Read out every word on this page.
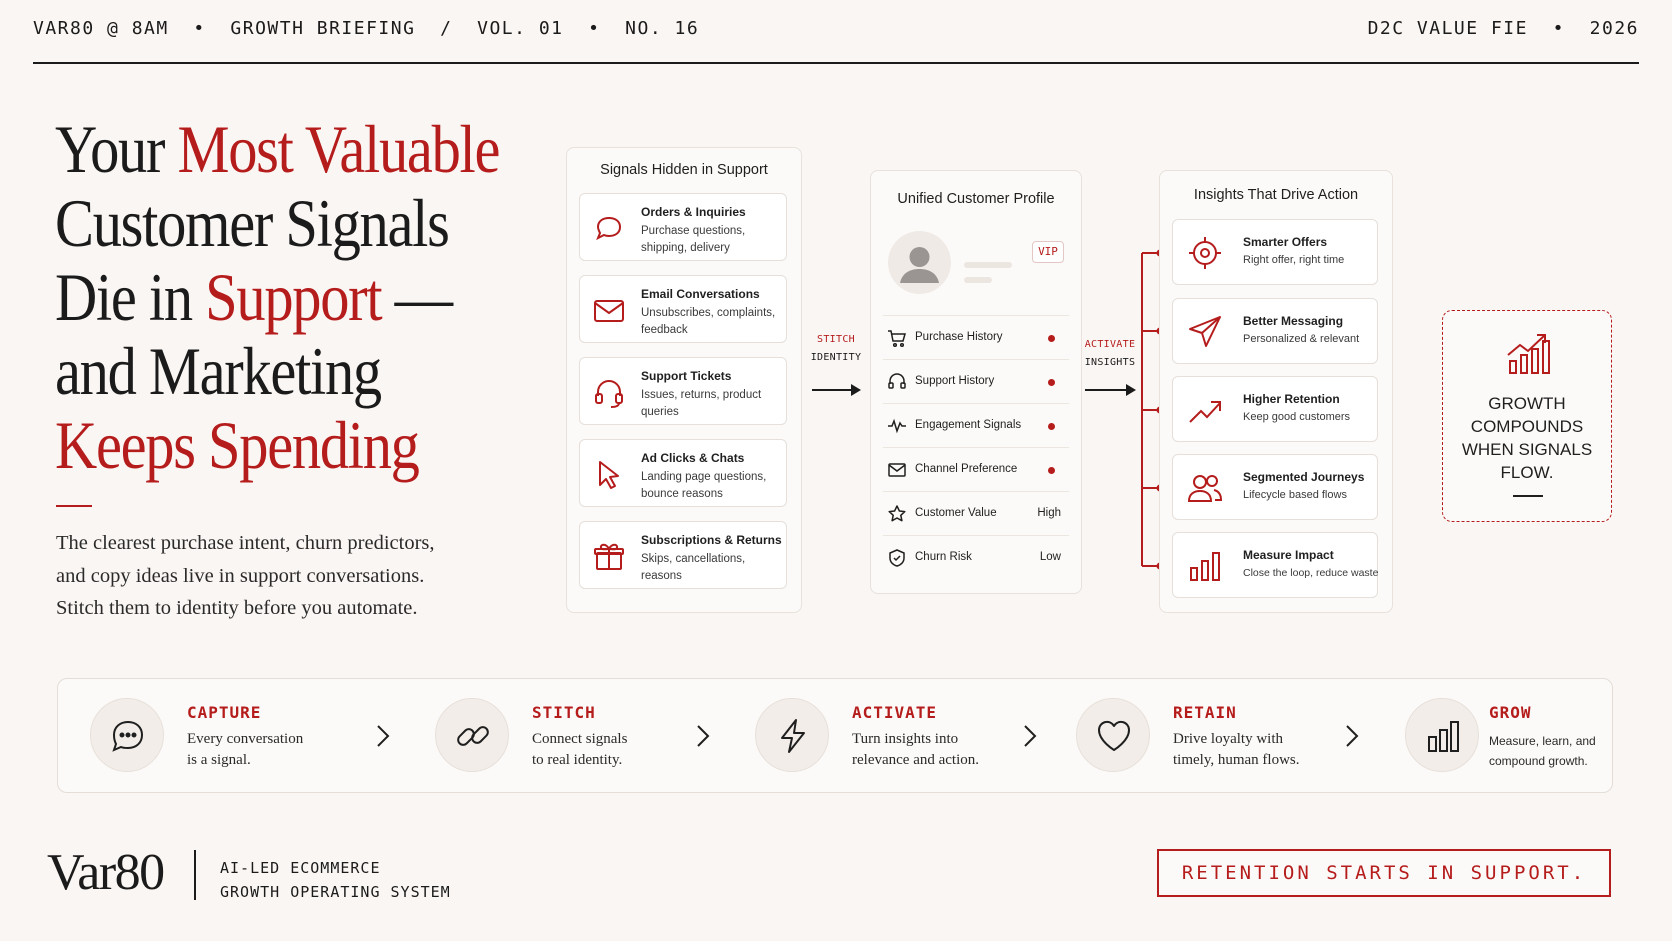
VAR80 @ 8AM  •  GROWTH BRIEFING  /  VOL. 01  •  NO. 16	D2C VALUE FIE  •  2026
Your Most Valuable
Customer Signals
Die in Support —
and Marketing
Keeps Spending

The clearest purchase intent, churn predictors,
and copy ideas live in support conversations.
Stitch them to identity before you automate.

Signals Hidden in Support
Orders & Inquiries
Purchase questions, shipping, delivery
Email Conversations
Unsubscribes, complaints, feedback
Support Tickets
Issues, returns, product queries
Ad Clicks & Chats
Landing page questions, bounce reasons
Subscriptions & Returns
Skips, cancellations, reasons
STITCH
IDENTITY
Unified Customer Profile
VIP
Purchase History
Support History
Engagement Signals
Channel Preference
Customer Value	High
Churn Risk	Low
ACTIVATE
INSIGHTS
Insights That Drive Action
Smarter Offers
Right offer, right time
Better Messaging
Personalized & relevant
Higher Retention
Keep good customers
Segmented Journeys
Lifecycle based flows
Measure Impact
Close the loop, reduce waste
GROWTH
COMPOUNDS
WHEN SIGNALS
FLOW.
CAPTURE
Every conversation
is a signal.
STITCH
Connect signals
to real identity.
ACTIVATE
Turn insights into
relevance and action.
RETAIN
Drive loyalty with
timely, human flows.
GROW
Measure, learn, and
compound growth.
Var80	AI-LED ECOMMERCE
GROWTH OPERATING SYSTEM
RETENTION STARTS IN SUPPORT.
